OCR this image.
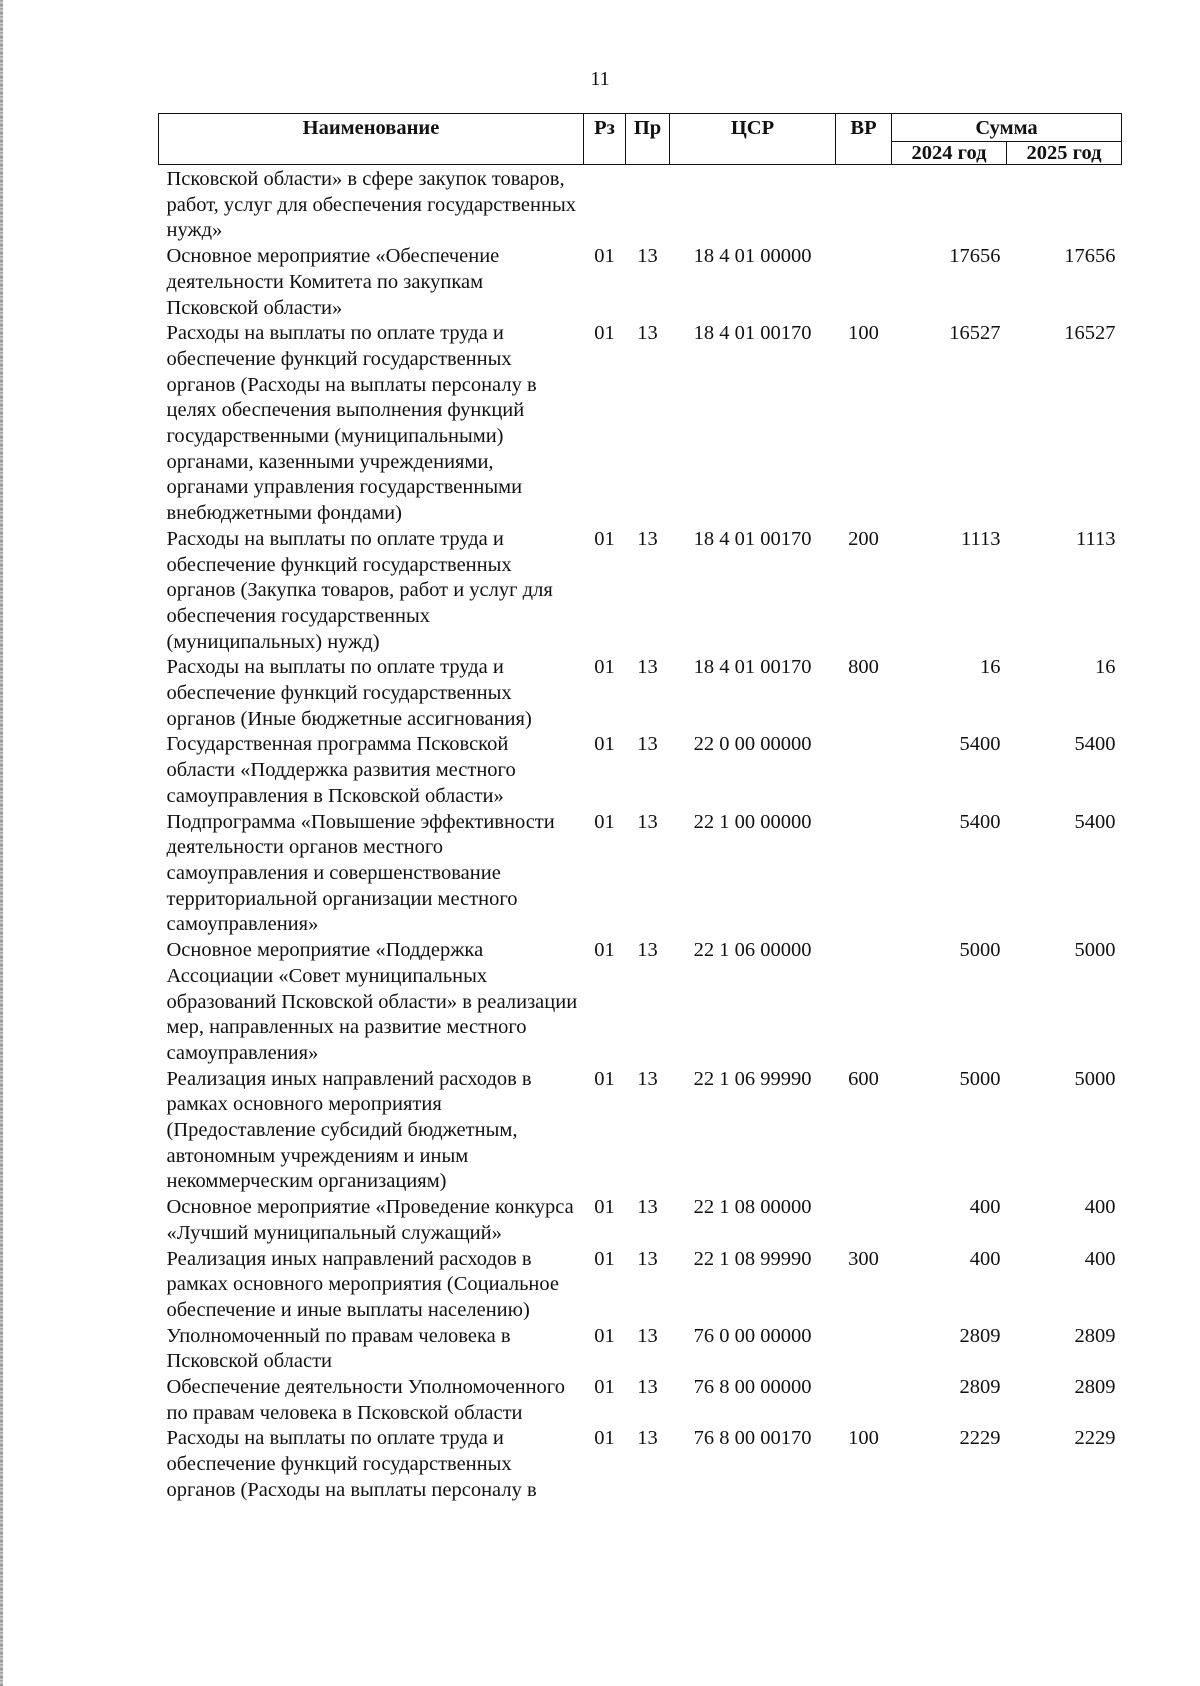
11
Наименование	Рз	Пр	ЦСР	ВР	Сумма	
					2024 год	2025 год
Псковской области» в сфере закупок товаров, работ, услуг для обеспечения государственных нужд»						
Основное мероприятие «Обеспечение деятельности Комитета по закупкам Псковской области»	01	13	18 4 01 00000		17656	17656
Расходы на выплаты по оплате труда и обеспечение функций государственных органов (Расходы на выплаты персоналу в целях обеспечения выполнения функций государственными (муниципальными) органами, казенными учреждениями, органами управления государственными внебюджетными фондами)	01	13	18 4 01 00170	100	16527	16527
Расходы на выплаты по оплате труда и обеспечение функций государственных органов (Закупка товаров, работ и услуг для обеспечения государственных (муниципальных) нужд)	01	13	18 4 01 00170	200	1113	1113
Расходы на выплаты по оплате труда и обеспечение функций государственных органов (Иные бюджетные ассигнования)	01	13	18 4 01 00170	800	16	16
Государственная программа Псковской области «Поддержка развития местного самоуправления в Псковской области»	01	13	22 0 00 00000		5400	5400
Подпрограмма «Повышение эффективности деятельности органов местного самоуправления и совершенствование территориальной организации местного самоуправления»	01	13	22 1 00 00000		5400	5400
Основное мероприятие «Поддержка Ассоциации «Совет муниципальных образований Псковской области» в реализации мер, направленных на развитие местного самоуправления»	01	13	22 1 06 00000		5000	5000
Реализация иных направлений расходов в рамках основного мероприятия (Предоставление субсидий бюджетным, автономным учреждениям и иным некоммерческим организациям)	01	13	22 1 06 99990	600	5000	5000
Основное мероприятие «Проведение конкурса «Лучший муниципальный служащий»	01	13	22 1 08 00000		400	400
Реализация иных направлений расходов в рамках основного мероприятия (Социальное обеспечение и иные выплаты населению)	01	13	22 1 08 99990	300	400	400
Уполномоченный по правам человека в Псковской области	01	13	76 0 00 00000		2809	2809
Обеспечение деятельности Уполномоченного по правам человека в Псковской области	01	13	76 8 00 00000		2809	2809
Расходы на выплаты по оплате труда и обеспечение функций государственных органов (Расходы на выплаты персоналу в	01	13	76 8 00 00170	100	2229	2229
